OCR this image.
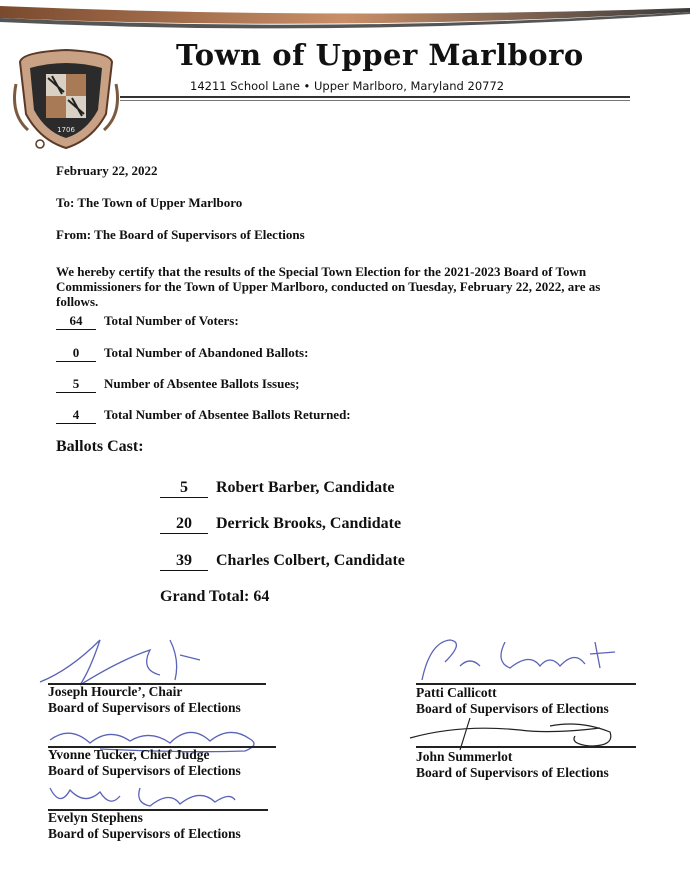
1706
Town of Upper Marlboro
14211 School Lane • Upper Marlboro, Maryland 20772
February 22, 2022
To: The Town of Upper Marlboro
From: The Board of Supervisors of Elections
We hereby certify that the results of the Special Town Election for the 2021-2023 Board of Town Commissioners for the Town of Upper Marlboro, conducted on Tuesday, February 22, 2022, are as follows.
64 Total Number of Voters:
0 Total Number of Abandoned Ballots:
5 Number of Absentee Ballots Issues;
4 Total Number of Absentee Ballots Returned:
Ballots Cast:
5 Robert Barber, Candidate
20 Derrick Brooks, Candidate
39 Charles Colbert, Candidate
Grand Total: 64
Joseph Hourcle’, Chair
Board of Supervisors of Elections
Yvonne Tucker, Chief Judge
Board of Supervisors of Elections
Evelyn Stephens
Board of Supervisors of Elections
Patti Callicott
Board of Supervisors of Elections
John Summerlot
Board of Supervisors of Elections
